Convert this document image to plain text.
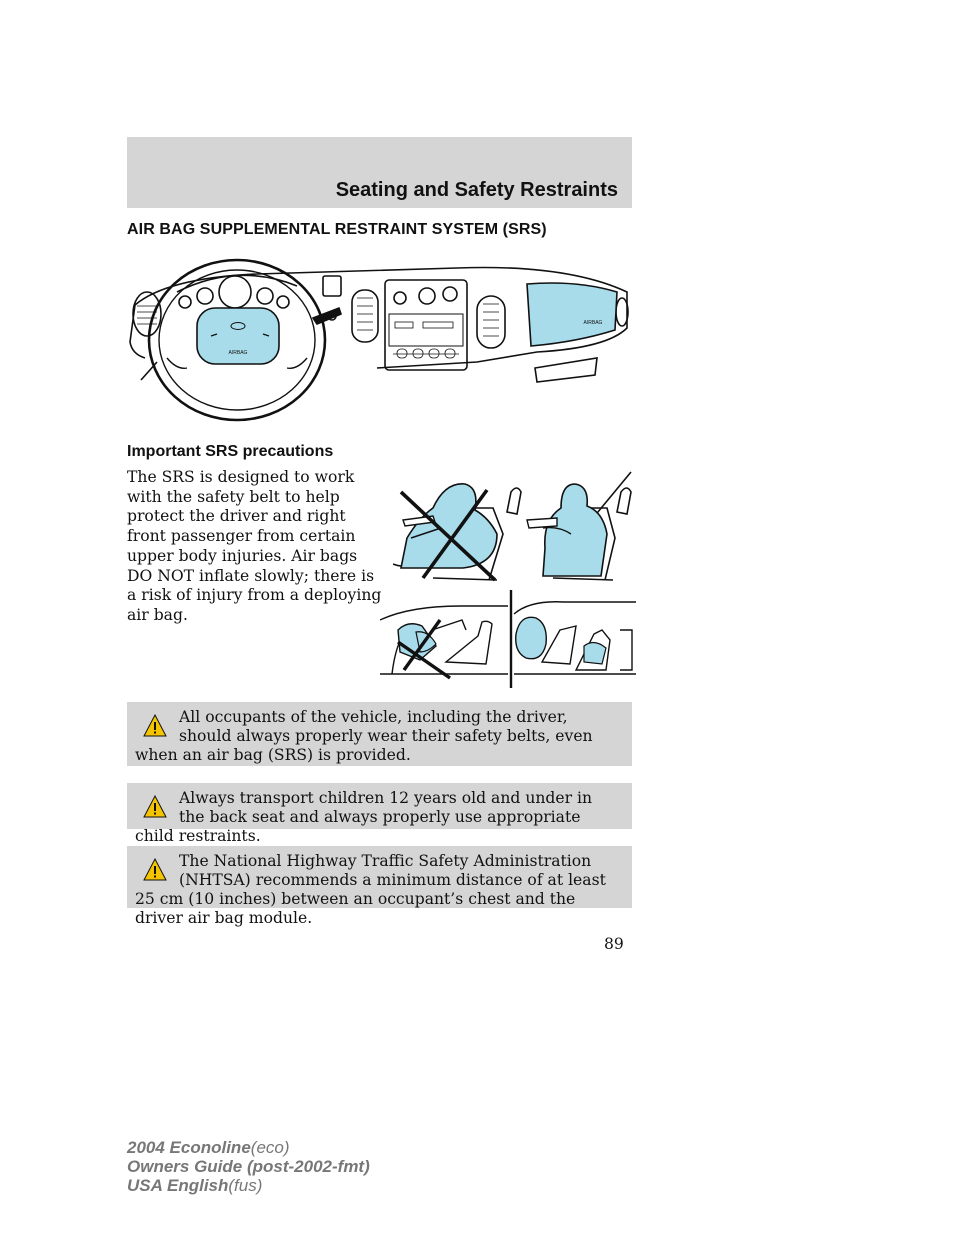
Seating and Safety Restraints
AIR BAG SUPPLEMENTAL RESTRAINT SYSTEM (SRS)
AIRBAG
AIRBAG
Important SRS precautions
The SRS is designed to work with the safety belt to help protect the driver and right front passenger from certain upper body injuries. Air bags DO NOT inflate slowly; there is a risk of injury from a deploying air bag.
All occupants of the vehicle, including the driver, should always properly wear their safety belts, even when an air bag (SRS) is provided.
Always transport children 12 years old and under in the back seat and always properly use appropriate child restraints.
The National Highway Traffic Safety Administration (NHTSA) recommends a minimum distance of at least 25 cm (10 inches) between an occupant’s chest and the driver air bag module.
89
2004 Econoline(eco)
Owners Guide (post-2002-fmt)
USA English(fus)
